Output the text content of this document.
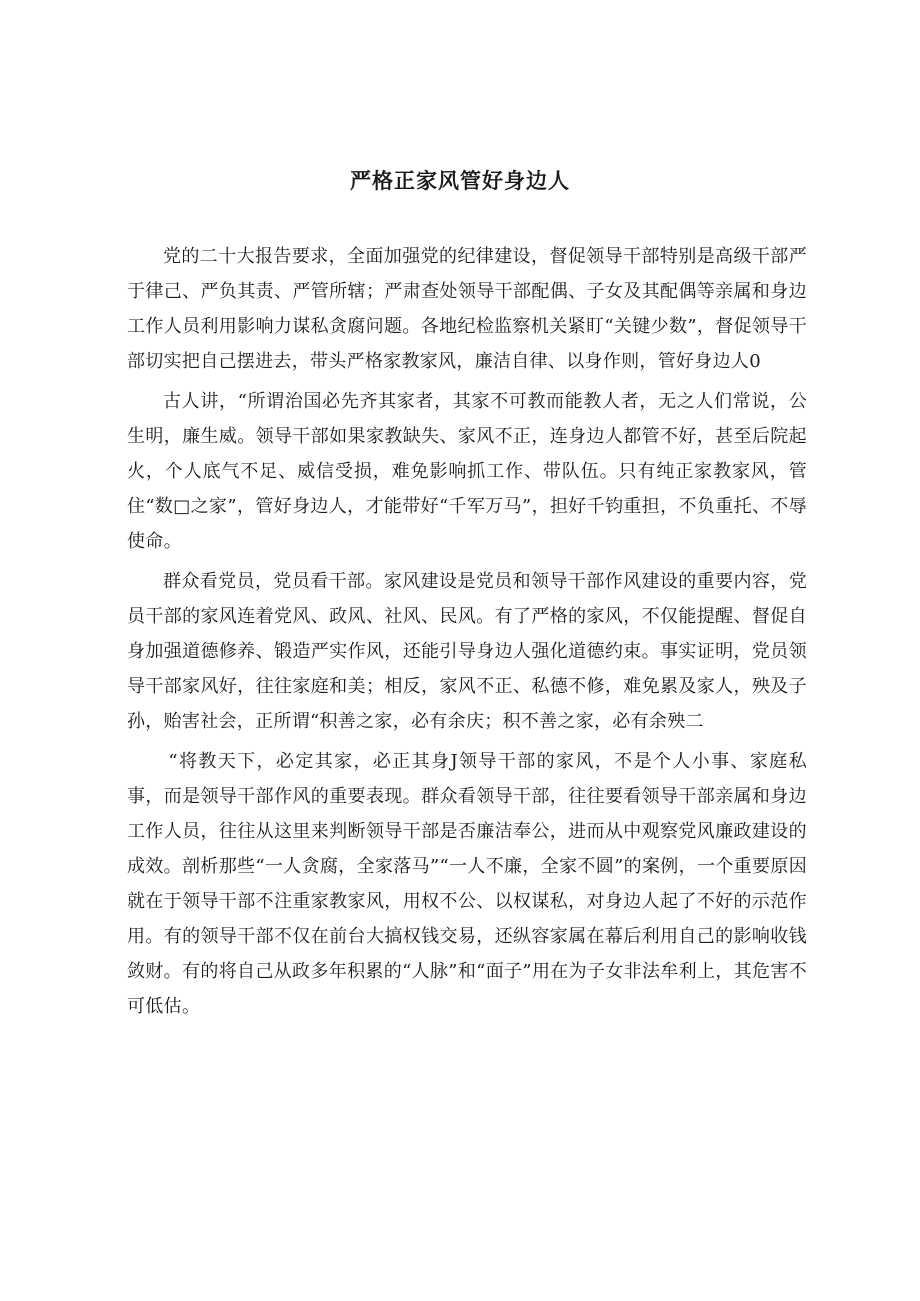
严格正家风管好身边人

党的二十大报告要求，全面加强党的纪律建设，督促领导干部特别是高级干部严于律己、严负其责、严管所辖；严肃查处领导干部配偶、子女及其配偶等亲属和身边工作人员利用影响力谋私贪腐问题。各地纪检监察机关紧盯“关键少数”，督促领导干部切实把自己摆进去，带头严格家教家风，廉洁自律、以身作则，管好身边人0

古人讲，“所谓治国必先齐其家者，其家不可教而能教人者，无之人们常说，公生明，廉生威。领导干部如果家教缺失、家风不正，连身边人都管不好，甚至后院起火，个人底气不足、威信受损，难免影响抓工作、带队伍。只有纯正家教家风，管住“数□之家”，管好身边人，才能带好“千军万马”，担好千钧重担，不负重托、不辱使命。

群众看党员，党员看干部。家风建设是党员和领导干部作风建设的重要内容，党员干部的家风连着党风、政风、社风、民风。有了严格的家风，不仅能提醒、督促自身加强道德修养、锻造严实作风，还能引导身边人强化道德约束。事实证明，党员领导干部家风好，往往家庭和美；相反，家风不正、私德不修，难免累及家人，殃及子孙，贻害社会，正所谓“积善之家，必有余庆；积不善之家，必有余殃二

“将教天下，必定其家，必正其身J领导干部的家风，不是个人小事、家庭私事，而是领导干部作风的重要表现。群众看领导干部，往往要看领导干部亲属和身边工作人员，往往从这里来判断领导干部是否廉洁奉公，进而从中观察党风廉政建设的成效。剖析那些“一人贪腐，全家落马”“一人不廉，全家不圆”的案例，一个重要原因就在于领导干部不注重家教家风，用权不公、以权谋私，对身边人起了不好的示范作用。有的领导干部不仅在前台大搞权钱交易，还纵容家属在幕后利用自己的影响收钱敛财。有的将自己从政多年积累的“人脉”和“面子”用在为子女非法牟利上，其危害不可低估。
